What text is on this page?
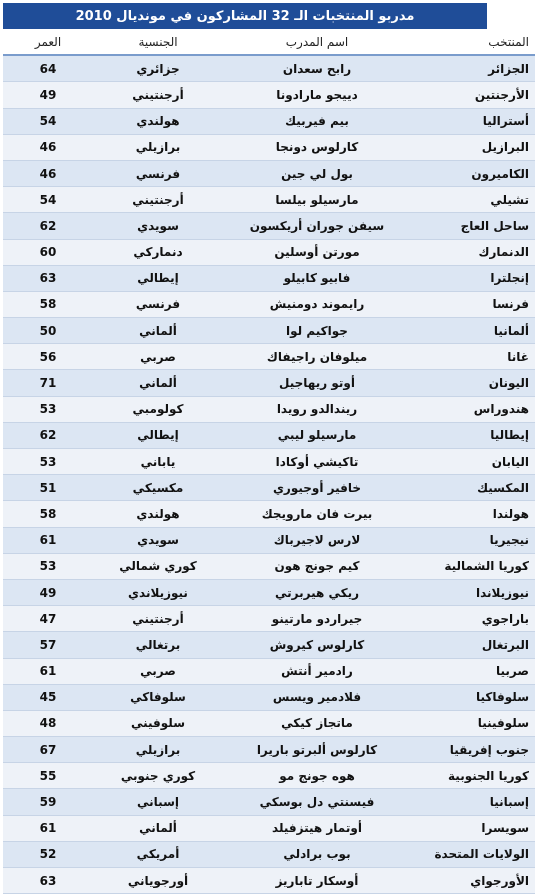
مدربو المنتخبات الـ 32 المشاركون في مونديال 2010
المنتخب	اسم المدرب	الجنسية	العمر
الجزائر	رابح سعدان	جزائري	64
الأرجنتين	دييجو مارادونا	أرجنتيني	49
أستراليا	بيم فيربيك	هولندي	54
البرازيل	كارلوس دونجا	برازيلي	46
الكاميرون	بول لي جين	فرنسي	46
تشيلي	مارسيلو بيلسا	أرجنتيني	54
ساحل العاج	سيفن جوران أريكسون	سويدي	62
الدنمارك	مورتن أوسلين	دنماركي	60
إنجلترا	فابيو كابيلو	إيطالي	63
فرنسا	رايموند دومنيش	فرنسي	58
ألمانيا	جواكيم لوا	ألماني	50
غانا	ميلوفان راجيفاك	صربي	56
اليونان	أوتو ريهاجيل	ألماني	71
هندوراس	ريندالدو رويدا	كولومبي	53
إيطاليا	مارسيلو ليبي	إيطالي	62
اليابان	تاكيشي أوكادا	ياباني	53
المكسيك	خافير أوجيوري	مكسيكي	51
هولندا	بيرت فان مارويجك	هولندي	58
نيجيريا	لارس لاجيرباك	سويدي	61
كوريا الشمالية	كيم جونج هون	كوري شمالي	53
نيوزيلاندا	ريكي هيربرتي	نيوزيلاندي	49
باراجوي	جيراردو مارتينو	أرجنتيني	47
البرتغال	كارلوس كيروش	برتغالي	57
صربيا	رادمير أنتش	صربي	61
سلوفاكيا	فلادمير ويسس	سلوفاكي	45
سلوفينيا	ماتجاز كيكي	سلوفيني	48
جنوب إفريقيا	كارلوس ألبرتو باريرا	برازيلي	67
كوريا الجنوبية	هوه جونج مو	كوري جنوبي	55
إسبانيا	فيسنتي دل بوسكي	إسباني	59
سويسرا	أوتمار هيتزفيلد	ألماني	61
الولايات المتحدة	بوب برادلي	أمريكي	52
الأورجواي	أوسكار تاباريز	أورجوياني	63
